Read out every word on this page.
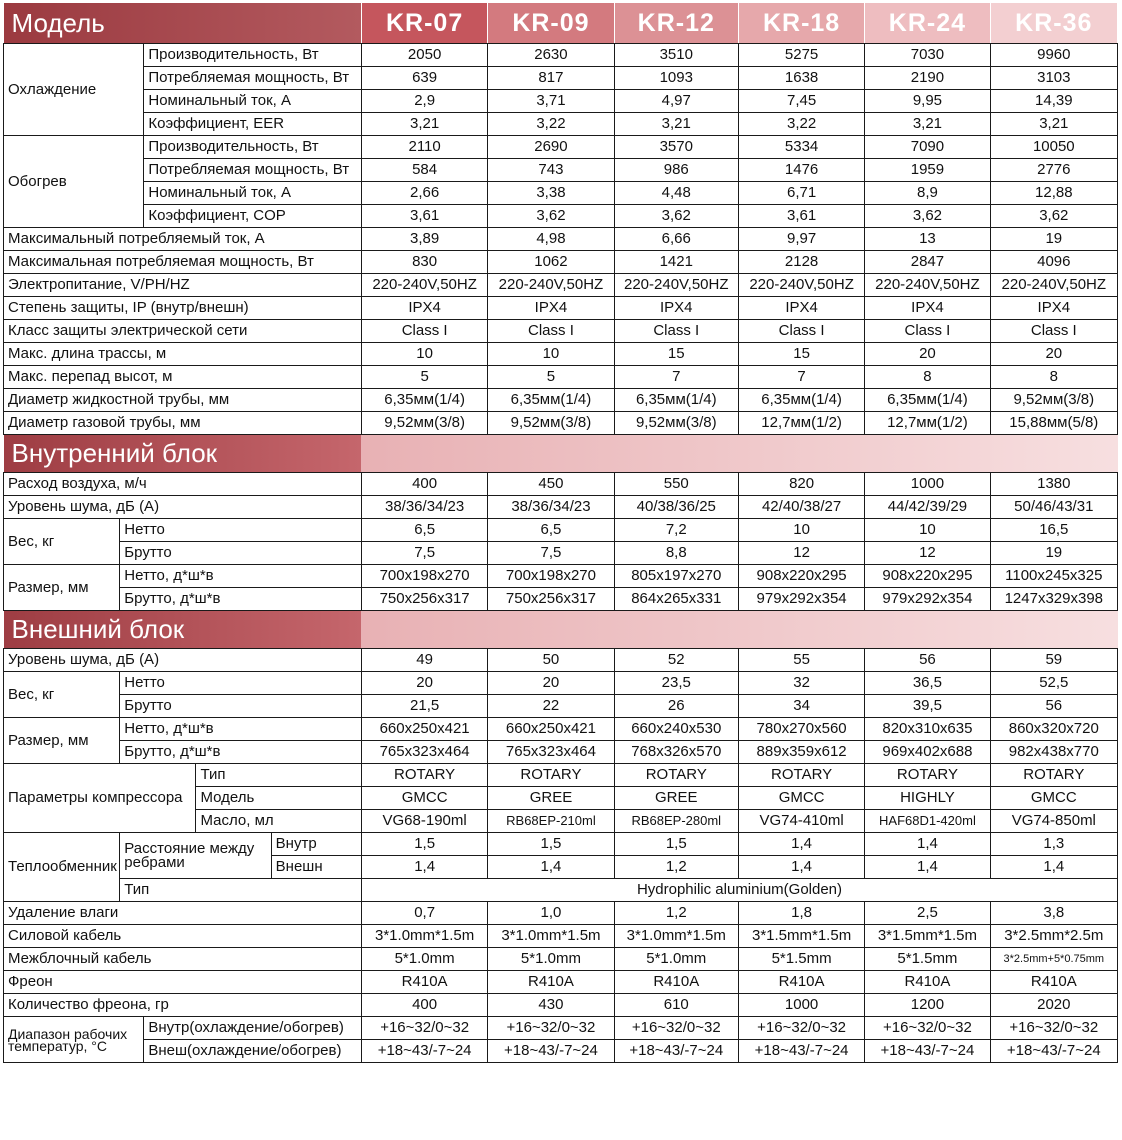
Модель					KR-07	KR-09	KR-12	KR-18	KR-24	KR-36
Охлаждение		Производительность, Вт			2050	2630	3510	5275	7030	9960
		Потребляемая мощность, Вт			639	817	1093	1638	2190	3103
		Номинальный ток, А			2,9	3,71	4,97	7,45	9,95	14,39
		Коэффициент, EER			3,21	3,22	3,21	3,22	3,21	3,21
Обогрев		Производительность, Вт			2110	2690	3570	5334	7090	10050
		Потребляемая мощность, Вт			584	743	986	1476	1959	2776
		Номинальный ток, А			2,66	3,38	4,48	6,71	8,9	12,88
		Коэффициент, COP			3,61	3,62	3,62	3,61	3,62	3,62
Максимальный потребляемый ток, А					3,89	4,98	6,66	9,97	13	19
Максимальная потребляемая мощность, Вт					830	1062	1421	2128	2847	4096
Электропитание, V/PH/HZ					220-240V,50HZ	220-240V,50HZ	220-240V,50HZ	220-240V,50HZ	220-240V,50HZ	220-240V,50HZ
Степень защиты, IP (внутр/внешн)					IPX4	IPX4	IPX4	IPX4	IPX4	IPX4
Класс защиты электрической сети					Class I	Class I	Class I	Class I	Class I	Class I
Макс. длина трассы, м					10	10	15	15	20	20
Макс. перепад высот, м					5	5	7	7	8	8
Диаметр жидкостной трубы, мм					6,35мм(1/4)	6,35мм(1/4)	6,35мм(1/4)	6,35мм(1/4)	6,35мм(1/4)	9,52мм(3/8)
Диаметр газовой трубы, мм					9,52мм(3/8)	9,52мм(3/8)	9,52мм(3/8)	12,7мм(1/2)	12,7мм(1/2)	15,88мм(5/8)
Внутренний блок										
Расход воздуха, м/ч					400	450	550	820	1000	1380
Уровень шума, дБ (А)					38/36/34/23	38/36/34/23	40/38/36/25	42/40/38/27	44/42/39/29	50/46/43/31
Вес, кг	Нетто				6,5	6,5	7,2	10	10	16,5
	Брутто				7,5	7,5	8,8	12	12	19
Размер, мм	Нетто, д*ш*в				700x198x270	700x198x270	805x197x270	908x220x295	908x220x295	1100x245x325
	Брутто, д*ш*в				750x256x317	750x256x317	864x265x331	979x292x354	979x292x354	1247x329x398
Внешний блок										
Уровень шума, дБ (А)					49	50	52	55	56	59
Вес, кг	Нетто				20	20	23,5	32	36,5	52,5
	Брутто				21,5	22	26	34	39,5	56
Размер, мм	Нетто, д*ш*в				660x250x421	660x250x421	660x240x530	780x270x560	820x310x635	860x320x720
	Брутто, д*ш*в				765x323x464	765x323x464	768x326x570	889x359x612	969x402x688	982x438x770
Параметры компрессора			Тип		ROTARY	ROTARY	ROTARY	ROTARY	ROTARY	ROTARY
			Модель		GMCC	GREE	GREE	GMCC	HIGHLY	GMCC
			Масло, мл		VG68-190ml	RB68EP-210ml	RB68EP-280ml	VG74-410ml	HAF68D1-420ml	VG74-850ml
Теплообменник	Расстояние между ребрами			Внутр	1,5	1,5	1,5	1,4	1,4	1,3
				Внешн	1,4	1,4	1,2	1,4	1,4	1,4
	Тип				Hydrophilic aluminium(Golden)					
Удаление влаги					0,7	1,0	1,2	1,8	2,5	3,8
Силовой кабель					3*1.0mm*1.5m	3*1.0mm*1.5m	3*1.0mm*1.5m	3*1.5mm*1.5m	3*1.5mm*1.5m	3*2.5mm*2.5m
Межблочный кабель					5*1.0mm	5*1.0mm	5*1.0mm	5*1.5mm	5*1.5mm	3*2.5mm+5*0.75mm
Фреон					R410A	R410A	R410A	R410A	R410A	R410A
Количество фреона, гр					400	430	610	1000	1200	2020
Диапазон рабочих температур, °C		Внутр(охлаждение/обогрев)			+16~32/0~32	+16~32/0~32	+16~32/0~32	+16~32/0~32	+16~32/0~32	+16~32/0~32
		Внеш(охлаждение/обогрев)			+18~43/-7~24	+18~43/-7~24	+18~43/-7~24	+18~43/-7~24	+18~43/-7~24	+18~43/-7~24
